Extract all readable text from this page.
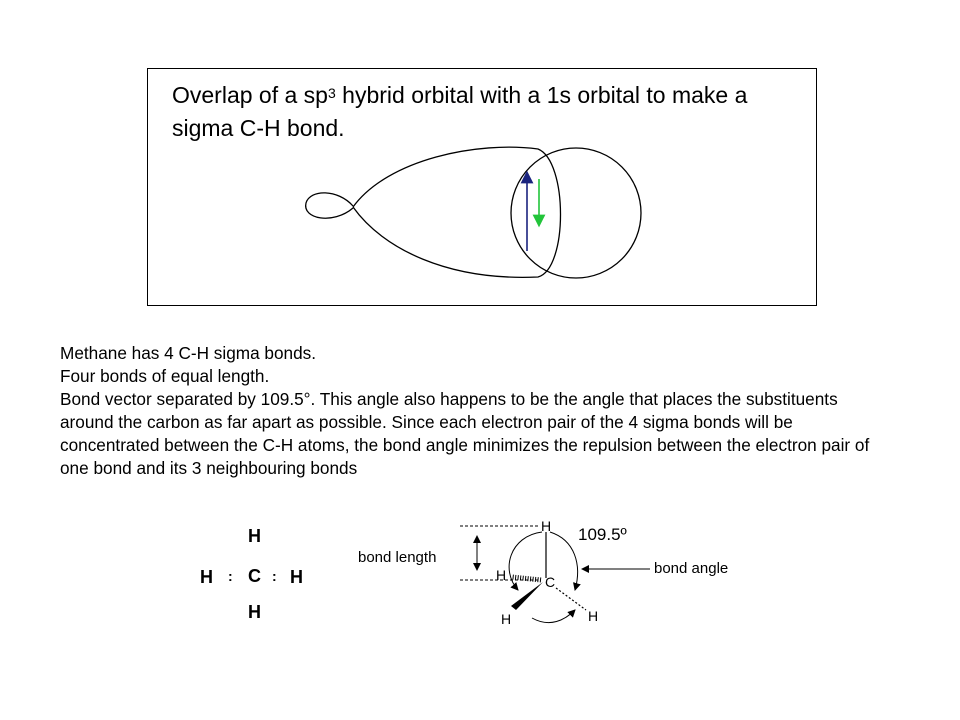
Overlap of a $sp^3$ hybrid orbital with a 1s orbital to make a
sigma C-H bond.

Methane has 4 C-H sigma bonds.

Four bonds of equal length.

Bond vector separated by 109.5°. This angle also happens to be the angle that places the substituents around the carbon as far apart as possible. Since each electron pair of the 4 sigma bonds will be concentrated between the C-H atoms, the bond angle minimizes the repulsion between the electron pair of one bond and its 3 neighbouring bonds

H
H : C : H
H
bond length
H
H	C
H	H
109.5º
bond angle
